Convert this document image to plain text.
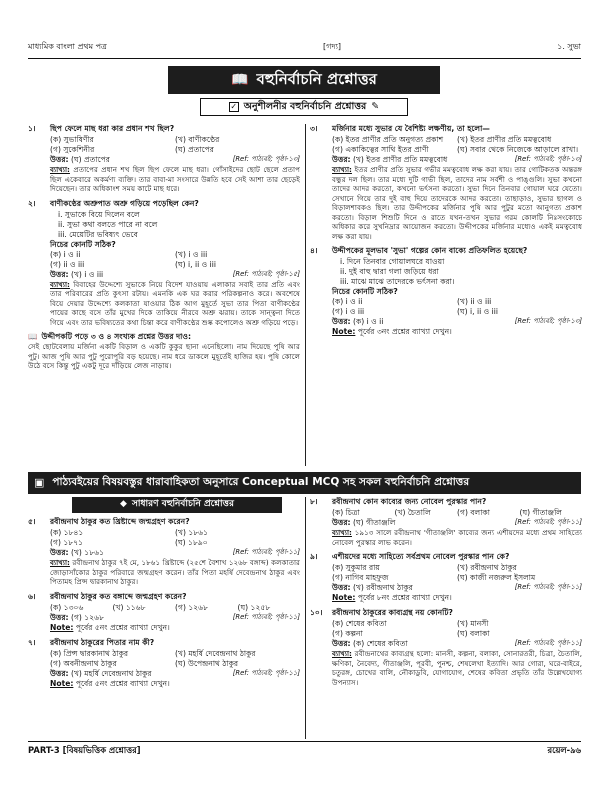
মাধ্যমিক বাংলা প্রথম পত্র	[গদ্য]	১. সুভা
📖 বহুনির্বাচনি প্রশ্নোত্তর
✓ অনুশীলনীর বহুনির্বাচনি প্রশ্নোত্তর ✎
১।	ছিপ ফেলে মাছ ধরা কার প্রধান শখ ছিল?
(ক) সুভাষিণীর	(খ) বাণীকণ্ঠের
(গ) সুকেশিনীর	(ঘ) প্রতাপের
উত্তর: (ঘ) প্রতাপের	[Ref: পাঠ্যবই: পৃষ্ঠা-১৩]
ব্যাখ্যা: প্রতাপের প্রধান শখ ছিল ছিপ ফেলে মাছ ধরা। গোঁসাইদের ছোট ছেলে প্রতাপ ছিল একেবারে অকর্মণ্য ব্যক্তি। তার বাবা-মা সংসারে উন্নতি হবে সেই আশা তার ছেড়েই দিয়েছেন। তার অধিকাংশ সময় কাটে মাছ ধরে।
২।	বাণীকণ্ঠের অশ্রুপাত অশ্রু গড়িয়ে পড়েছিল কেন?
i. সুভাকে বিয়ে দিলেন বলে
ii. সুভা কথা বলতে পারে না বলে
iii. মেয়েটির ভবিষ্যৎ ভেবে
নিচের কোনটি সঠিক?
(ক) i ও ii	(খ) i ও iii
(গ) ii ও iii	(ঘ) i, ii ও iii
উত্তর: (খ) i ও iii	[Ref: পাঠ্যবই: পৃষ্ঠা-১৫]
ব্যাখ্যা: বিবাহের উদ্দেশ্যে সুভাকে নিয়ে বিদেশ যাওয়ায় এলাকার সবাই তার প্রতি এবং তার পরিবারের প্রতি কুৎসা রটায়। এমনকি এক ঘর করার পরিকল্পনাও করে। অবশেষে বিয়ে দেয়ার উদ্দেশ্যে কলকাতা যাওয়ার ঠিক আগ মুহূর্তে সুভা তার পিতা বাণীকণ্ঠের পায়ের কাছে বসে তাঁর মুখের দিকে তাকিয়ে নীরবে অশ্রু ঝরায়। তাকে সান্ত্বনা দিতে গিয়ে এবং তার ভবিষ্যতের কথা চিন্তা করে বাণীকণ্ঠের শুষ্ক কপোলেও অশ্রু গড়িয়ে পড়ে।
📖 উদ্দীপকটি পড়ে ৩ ও ৪ সংখ্যক প্রশ্নের উত্তর দাও:
সেই ছোটবেলায় মর্জিনা একটি বিড়াল ও একটি কুকুর ছানা এনেছিলো। নাম দিয়েছে পুষি আর পুটু। আজ পুষি আর পুটু পুরোপুরি বড় হয়েছে। নাম ধরে ডাকলে মুহূর্তেই হাজির হয়। পুষি কোলে উঠে বসে কিন্তু পুটু একটু দূরে দাঁড়িয়ে লেজ নাড়ায়।
৩।	মর্জিনার মধ্যে সুভার যে বৈশিষ্ট্য লক্ষণীয়, তা হলো—
(ক) ইতর প্রাণীর প্রতি অনুগত্য প্রকাশ	(খ) ইতর প্রাণীর প্রতি মমত্ববোধ
(গ) একাকিত্বের সাথি ইতর প্রাণী	(ঘ) সবার থেকে নিজেকে আড়ালে রাখা।
উত্তর: (খ) ইতর প্রাণীর প্রতি মমত্ববোধ	[Ref: পাঠ্যবই: পৃষ্ঠা-১৩]
ব্যাখ্যা: ইতর প্রাণীর প্রতি সুভার গভীর মমত্ববোধ লক্ষ করা যায়। তার গোটিকতক অন্তরঙ্গ বন্ধুর দল ছিল। তার মধ্যে দুটি গাভী ছিল, তাদের নাম সর্বশী ও পাঙ্গুলি। সুভা কখনো তাদের আদর করতো, কখনো ভর্ৎসনা করতো। সুভা দিনে তিনবার গোয়াল ঘরে যেতো। সেখানে গিয়ে তার দুই বাহু দিয়ে তাদেরকে আদর করতো। তাছাড়াও, সুভার ছাগল ও বিড়ালশাবকও ছিল। তার উদ্দীপকের মর্জিনার পুষি আর পুটুর মতো আনুগত্য প্রকাশ করতো। বিড়াল শিশুটি দিনে ও রাতে যখন-তখন সুভার গরম কোলটি নিঃসংকোচে অধিকার করে সুখনিদ্রার আয়োজন করতো। উদ্দীপকের মর্জিনার মধ্যেও একই মমত্ববোধ লক্ষ করা যায়।
৪।	উদ্দীপকের মূলভাব 'সুভা' গল্পের কোন বাক্যে প্রতিফলিত হয়েছে?
i. দিনে তিনবার গোয়ালঘরে যাওয়া
ii. দুই বাহু দ্বারা গলা জড়িয়ে ধরা
iii. মাঝে মাঝে তাদেরকে ভর্ৎসনা করা।
নিচের কোনটি সঠিক?
(ক) i ও ii	(খ) ii ও iii
(গ) i ও iii	(ঘ) i, ii ও iii
উত্তর: (ক) i ও ii	[Ref: পাঠ্যবই: পৃষ্ঠা-১৩]
Note: পূর্বের ৩নং প্রশ্নের ব্যাখ্যা দেখুন।
▣ পাঠ্যবইয়ের বিষয়বস্তুর ধারাবাহিকতা অনুসারে Conceptual MCQ সহ সকল বহুনির্বাচনি প্রশ্নোত্তর
◆ সাধারণ বহুনির্বাচনি প্রশ্নোত্তর
৫।	রবীন্দ্রনাথ ঠাকুর কত খ্রিষ্টাব্দে জন্মগ্রহণ করেন?
(ক) ১৮৪১	(খ) ১৮৬১
(গ) ১৮৭১	(ঘ) ১৮৯০
উত্তর: (খ) ১৮৬১	[Ref: পাঠ্যবই: পৃষ্ঠা-১১]
ব্যাখ্যা: রবীন্দ্রনাথ ঠাকুর ৭ই মে, ১৮৬১ খ্রিষ্টাব্দে (২৫শে বৈশাখ ১২৬৮ বঙ্গাব্দ) কলকাতার জোড়াসাঁকোর ঠাকুর পরিবারে জন্মগ্রহণ করেন। তাঁর পিতা মহর্ষি দেবেন্দ্রনাথ ঠাকুর এবং পিতামহ প্রিন্স দ্বারকানাথ ঠাকুর।
৬।	রবীন্দ্রনাথ ঠাকুর কত বঙ্গাব্দে জন্মগ্রহণ করেন?
(ক) ১৩০৬	(খ) ১১৬৮	(গ) ১২৬৮	(ঘ) ১২৫৮
উত্তর: (গ) ১২৬৮	[Ref: পাঠ্যবই: পৃষ্ঠা-১১]
Note: পূর্বের ৫নং প্রশ্নের ব্যাখ্যা দেখুন।
৭।	রবীন্দ্রনাথ ঠাকুরের পিতার নাম কী?
(ক) প্রিন্স দ্বারকানাথ ঠাকুর	(খ) মহর্ষি দেবেন্দ্রনাথ ঠাকুর
(গ) অবনীন্দ্রনাথ ঠাকুর	(ঘ) উপেন্দ্রনাথ ঠাকুর
উত্তর: (খ) মহর্ষি দেবেন্দ্রনাথ ঠাকুর	[Ref: পাঠ্যবই: পৃষ্ঠা-১১]
Note: পূর্বের ৫নং প্রশ্নের ব্যাখ্যা দেখুন।
৮।	রবীন্দ্রনাথ কোন কাব্যের জন্য নোবেল পুরস্কার পান?
(ক) চিত্রা	(খ) চৈতালি	(গ) বলাকা	(ঘ) গীতাঞ্জলি
উত্তর: (ঘ) গীতাঞ্জলি	[Ref: পাঠ্যবই: পৃষ্ঠা-১১]
ব্যাখ্যা: ১৯১৩ সালে রবীন্দ্রনাথ 'গীতাঞ্জলি' কাব্যের জন্য এশীয়দের মধ্যে প্রথম সাহিত্যে নোবেল পুরস্কার লাভ করেন।
৯।	এশীয়দের মধ্যে সাহিত্যে সর্বপ্রথম নোবেল পুরস্কার পান কে?
(ক) সুকুমার রায়	(খ) রবীন্দ্রনাথ ঠাকুর
(গ) নাগিব মাহফুজ	(ঘ) কাজী নজরুল ইসলাম
উত্তর: (খ) রবীন্দ্রনাথ ঠাকুর	[Ref: পাঠ্যবই: পৃষ্ঠা-১১]
Note: পূর্বের ৮নং প্রশ্নের ব্যাখ্যা দেখুন।
১০।	রবীন্দ্রনাথ ঠাকুরের কাব্যগ্রন্থ নয় কোনটি?
(ক) শেষের কবিতা	(খ) মানসী
(গ) কল্পনা	(ঘ) বলাকা
উত্তর: (ক) শেষের কবিতা	[Ref: পাঠ্যবই: পৃষ্ঠা-১১]
ব্যাখ্যা: রবীন্দ্রনাথের কাব্যগ্রন্থ হলো: মানসী, কল্পনা, বলাকা, সোনারতরী, চিত্রা, চৈতালি, ক্ষণিকা, নৈবেদ্য, গীতাঞ্জলি, পূরবী, পুনশ্চ, শেষলেখা ইত্যাদি। আর গোরা, ঘরে-বাইরে, চতুরঙ্গ, চোখের বালি, নৌকাডুবি, যোগাযোগ, শেষের কবিতা প্রভৃতি তাঁর উল্লেখযোগ্য উপন্যাস।
PART-3 [বিষয়ভিত্তিক প্রশ্নোত্তর]	রয়েল-৯৬
